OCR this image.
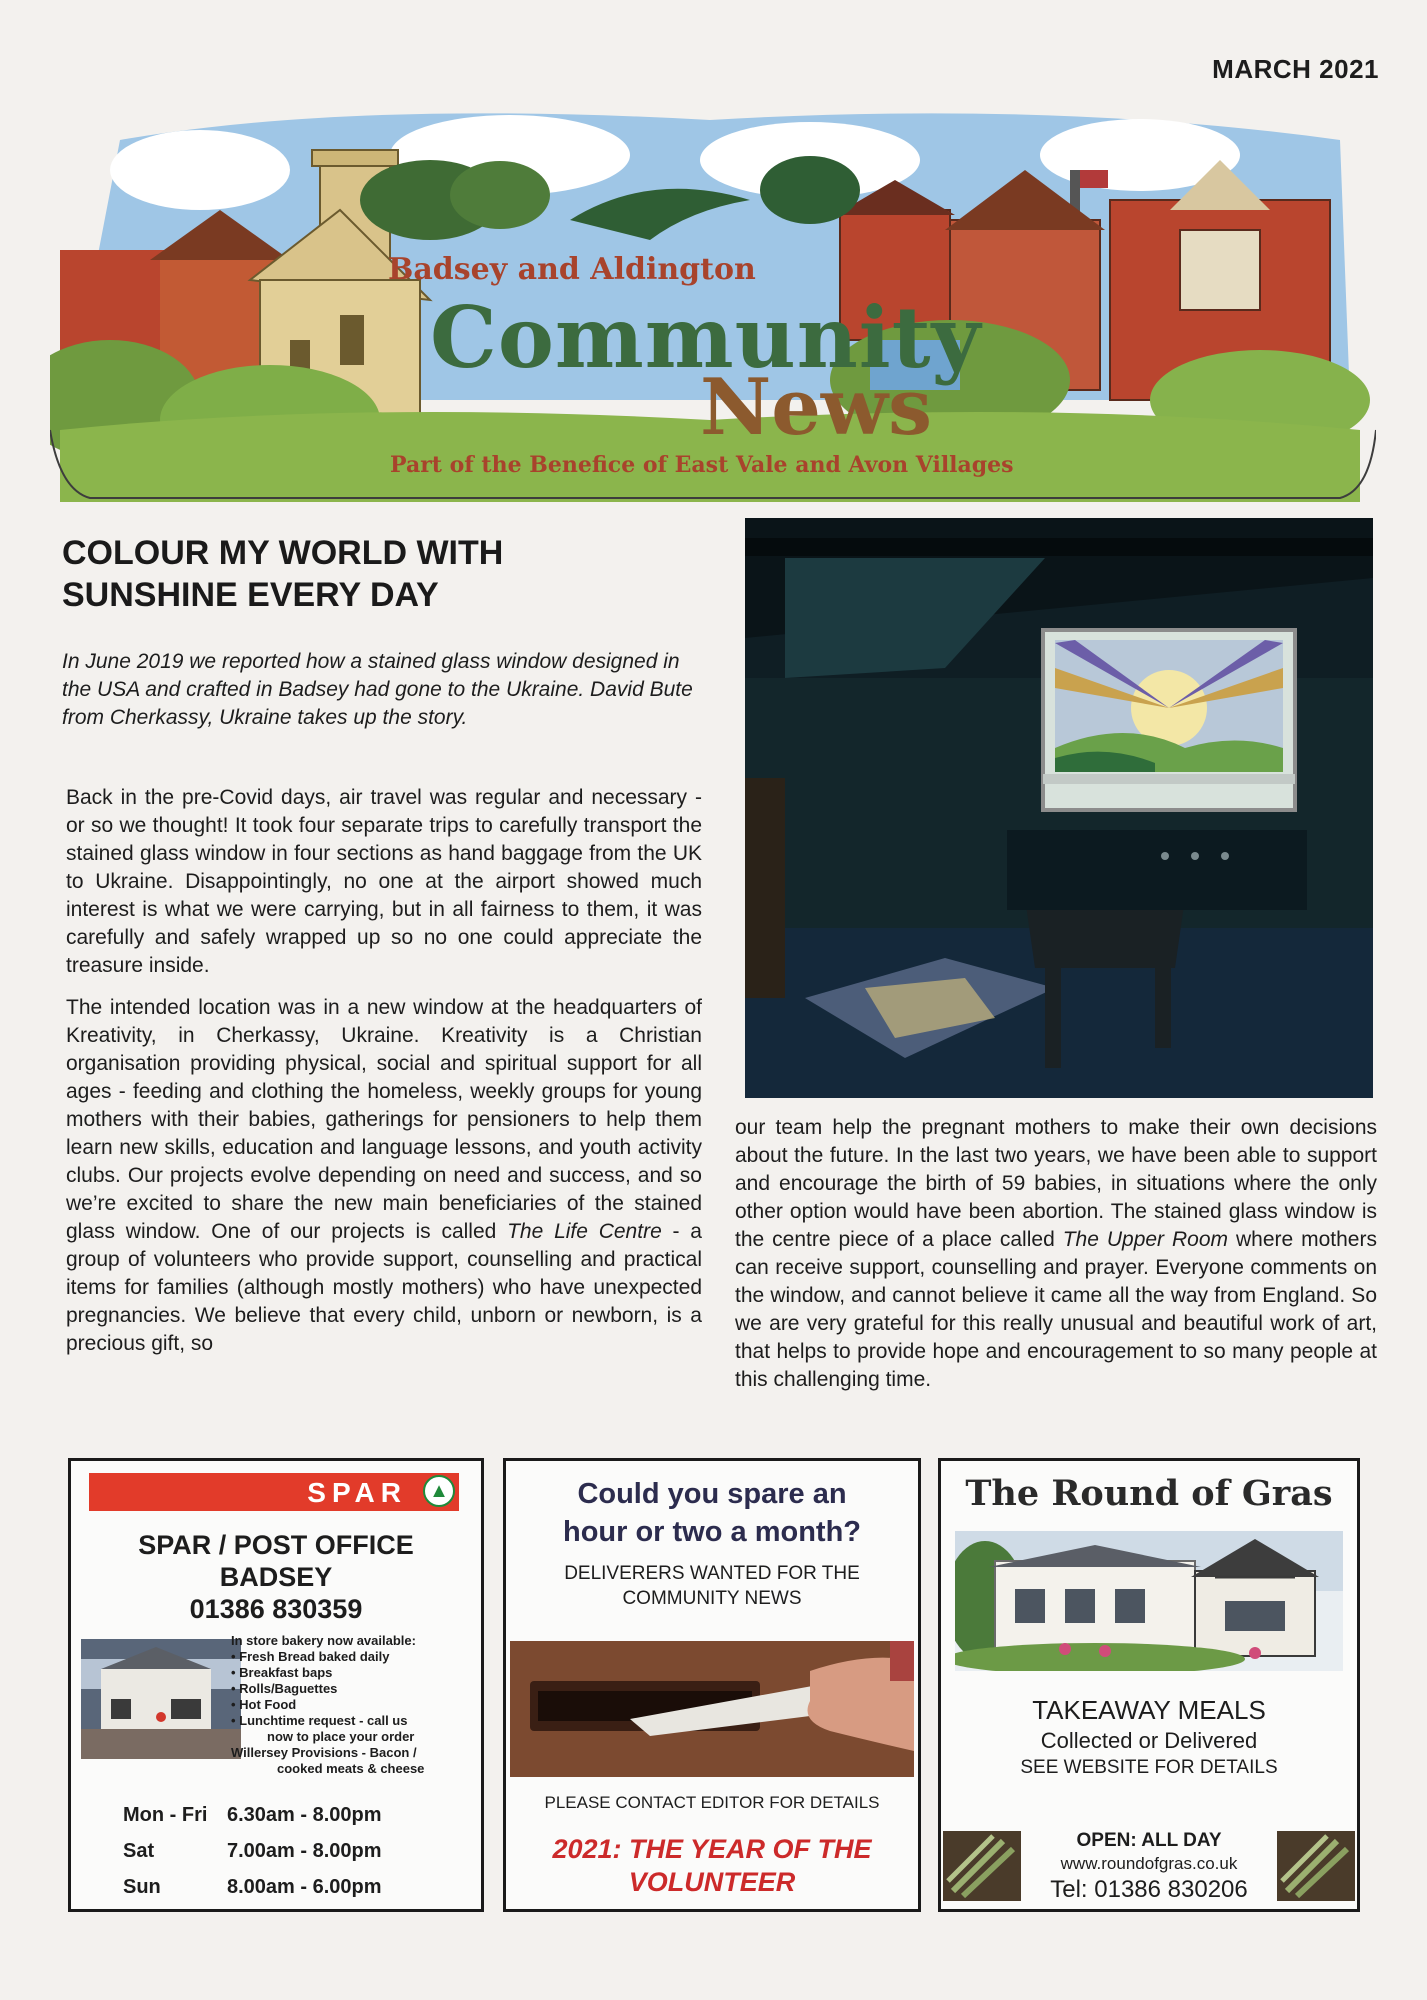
MARCH 2021
Badsey and Aldington
Community
News
Part of the Benefice of East Vale and Avon Villages
COLOUR MY WORLD WITH
SUNSHINE EVERY DAY
In June 2019 we reported how a stained glass window designed in the USA and crafted in Badsey had gone to the Ukraine. David Bute from Cherkassy, Ukraine takes up the story.

Back in the pre-Covid days, air travel was regular and necessary - or so we thought! It took four separate trips to carefully transport the stained glass window in four sections as hand baggage from the UK to Ukraine. Disappointingly, no one at the airport showed much interest is what we were carrying, but in all fairness to them, it was carefully and safely wrapped up so no one could appreciate the treasure inside.

The intended location was in a new window at the headquarters of Kreativity, in Cherkassy, Ukraine. Kreativity is a Christian organisation providing physical, social and spiritual support for all ages - feeding and clothing the homeless, weekly groups for young mothers with their babies, gatherings for pensioners to help them learn new skills, education and language lessons, and youth activity clubs. Our projects evolve depending on need and success, and so we’re excited to share the new main beneficiaries of the stained glass window. One of our projects is called The Life Centre - a group of volunteers who provide support, counselling and practical items for families (although mostly mothers) who have unexpected pregnancies. We believe that every child, unborn or newborn, is a precious gift, so

our team help the pregnant mothers to make their own decisions about the future. In the last two years, we have been able to support and encourage the birth of 59 babies, in situations where the only other option would have been abortion. The stained glass window is the centre piece of a place called The Upper Room where mothers can receive support, counselling and prayer. Everyone comments on the window, and cannot believe it came all the way from England. So we are very grateful for this really unusual and beautiful work of art, that helps to provide hope and encouragement to so many people at this challenging time.

SPAR	▲
SPAR / POST OFFICE
BADSEY
01386 830359
In store bakery now available:
• Fresh Bread baked daily
• Breakfast baps
• Rolls/Baguettes
• Hot Food
• Lunchtime request - call us
now to place your order
Willersey Provisions - Bacon /
cooked meats & cheese
Mon - Fri 6.30am - 8.00pm
Sat	7.00am - 8.00pm
Sun	8.00am - 6.00pm
Could you spare an
hour or two a month?
DELIVERERS WANTED FOR THE
COMMUNITY NEWS
PLEASE CONTACT EDITOR FOR DETAILS
2021: THE YEAR OF THE
VOLUNTEER
The Round of Gras
TAKEAWAY MEALS
Collected or Delivered
SEE WEBSITE FOR DETAILS
OPEN: ALL DAY
www.roundofgras.co.uk
Tel: 01386 830206
